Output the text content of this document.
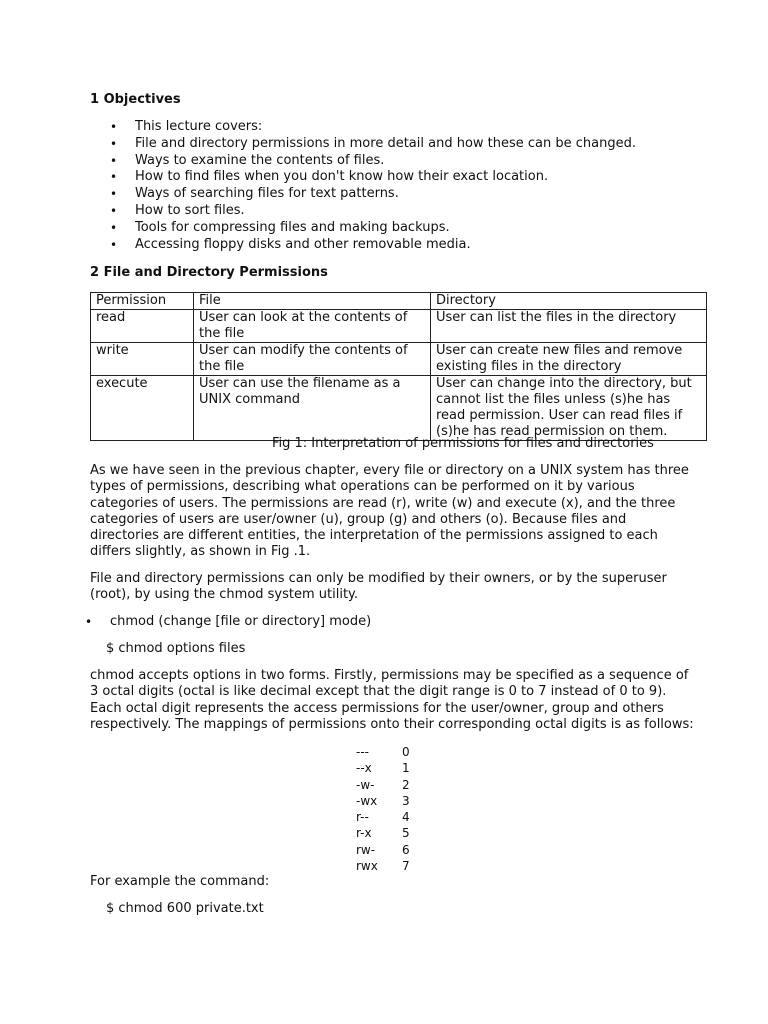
1 Objectives
• This lecture covers:
• File and directory permissions in more detail and how these can be changed.
• Ways to examine the contents of files.
• How to find files when you don't know how their exact location.
• Ways of searching files for text patterns.
• How to sort files.
• Tools for compressing files and making backups.
• Accessing floppy disks and other removable media.
2 File and Directory Permissions
Permission	File	Directory
read	User can look at the contents of the file	User can list the files in the directory
write	User can modify the contents of the file	User can create new files and remove existing files in the directory
execute	User can use the filename as a UNIX command	User can change into the directory, but cannot list the files unless (s)he has read permission. User can read files if (s)he has read permission on them.
Fig 1: Interpretation of permissions for files and directories
As we have seen in the previous chapter, every file or directory on a UNIX system has three
types of permissions, describing what operations can be performed on it by various
categories of users. The permissions are read (r), write (w) and execute (x), and the three
categories of users are user/owner (u), group (g) and others (o). Because files and
directories are different entities, the interpretation of the permissions assigned to each
differs slightly, as shown in Fig .1.
File and directory permissions can only be modified by their owners, or by the superuser
(root), by using the chmod system utility.
• chmod (change [file or directory] mode)
$ chmod options files
chmod accepts options in two forms. Firstly, permissions may be specified as a sequence of
3 octal digits (octal is like decimal except that the digit range is 0 to 7 instead of 0 to 9).
Each octal digit represents the access permissions for the user/owner, group and others
respectively. The mappings of permissions onto their corresponding octal digits is as follows:
---	0
--x	1
-w-	2
-wx	3
r--	4
r-x	5
rw-	6
rwx	7
For example the command:
$ chmod 600 private.txt
